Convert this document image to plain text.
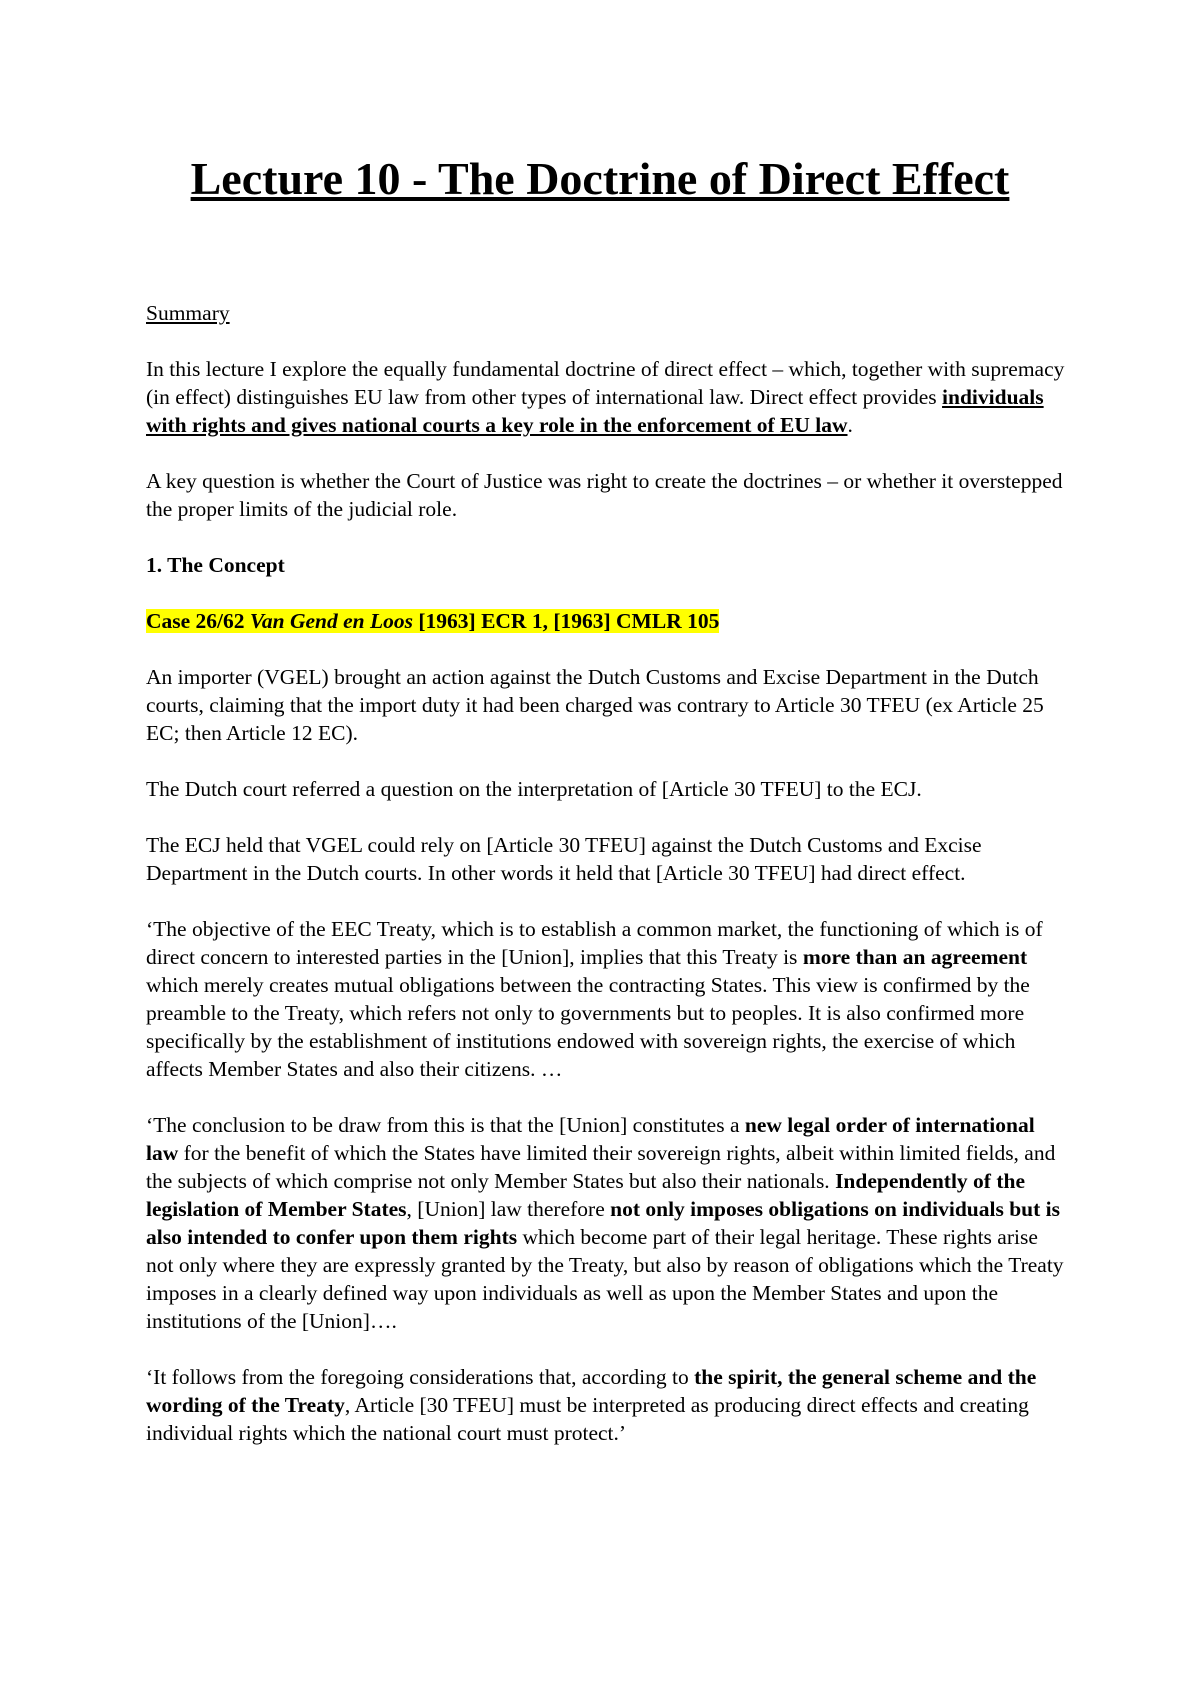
Lecture 10 - The Doctrine of Direct Effect

Summary

In this lecture I explore the equally fundamental doctrine of direct effect – which, together with supremacy (in effect) distinguishes EU law from other types of international law. Direct effect provides individuals with rights and gives national courts a key role in the enforcement of EU law.

A key question is whether the Court of Justice was right to create the doctrines – or whether it overstepped the proper limits of the judicial role.

1. The Concept

Case 26/62 Van Gend en Loos [1963] ECR 1, [1963] CMLR 105

An importer (VGEL) brought an action against the Dutch Customs and Excise Department in the Dutch courts, claiming that the import duty it had been charged was contrary to Article 30 TFEU (ex Article 25 EC; then Article 12 EC).

The Dutch court referred a question on the interpretation of [Article 30 TFEU] to the ECJ.

The ECJ held that VGEL could rely on [Article 30 TFEU] against the Dutch Customs and Excise Department in the Dutch courts. In other words it held that [Article 30 TFEU] had direct effect.

‘The objective of the EEC Treaty, which is to establish a common market, the functioning of which is of direct concern to interested parties in the [Union], implies that this Treaty is more than an agreement which merely creates mutual obligations between the contracting States. This view is confirmed by the preamble to the Treaty, which refers not only to governments but to peoples. It is also confirmed more specifically by the establishment of institutions endowed with sovereign rights, the exercise of which affects Member States and also their citizens. …

‘The conclusion to be draw from this is that the [Union] constitutes a new legal order of international law for the benefit of which the States have limited their sovereign rights, albeit within limited fields, and the subjects of which comprise not only Member States but also their nationals. Independently of the legislation of Member States, [Union] law therefore not only imposes obligations on individuals but is also intended to confer upon them rights which become part of their legal heritage. These rights arise not only where they are expressly granted by the Treaty, but also by reason of obligations which the Treaty imposes in a clearly defined way upon individuals as well as upon the Member States and upon the institutions of the [Union]….

‘It follows from the foregoing considerations that, according to the spirit, the general scheme and the wording of the Treaty, Article [30 TFEU] must be interpreted as producing direct effects and creating individual rights which the national court must protect.’
